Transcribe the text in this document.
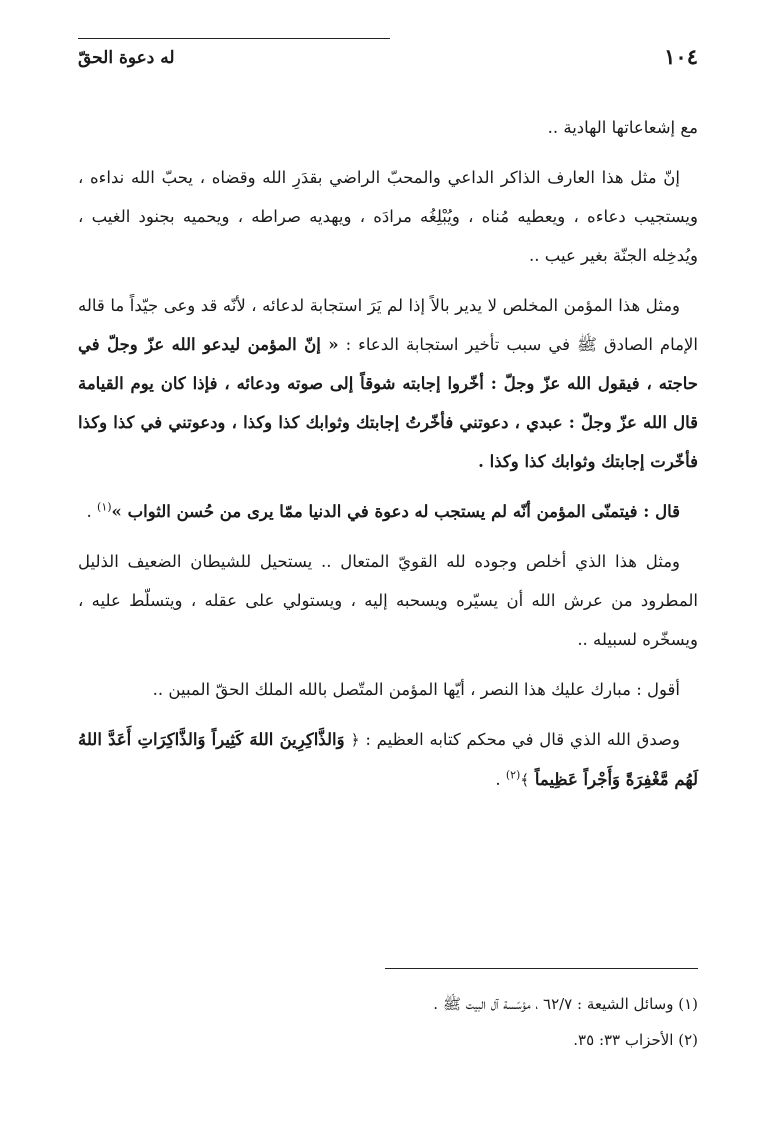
١٠٤
له دعوة الحقّ

مع إشعاعاتها الهادية ..

إنّ مثل هذا العارف الذاكر الداعي والمحبّ الراضي بقدَرِ الله وقضاه ، يحبّ الله نداءه ، ويستجيب دعاءه ، ويعطيه مُناه ، ويُبْلِغُه مرادَه ، ويهديه صراطه ، ويحميه بجنود الغيب ، ويُدخِله الجنّة بغير عيب ..

ومثل هذا المؤمن المخلص لا يدير بالاً إذا لم يَرَ استجابة لدعائه ، لأنّه قد وعى جيّداً ما قاله الإمام الصادق ﷺ في سبب تأخير استجابة الدعاء : « إنّ المؤمن ليدعو الله عزّ وجلّ في حاجته ، فيقول الله عزّ وجلّ : أخّروا إجابته شوقاً إلى صوته ودعائه ، فإذا كان يوم القيامة قال الله عزّ وجلّ : عبدي ، دعوتني فأخّرتُ إجابتك وثوابك كذا وكذا ، ودعوتني في كذا وكذا فأخّرت إجابتك وثوابك كذا وكذا .

قال : فيتمنّى المؤمن أنّه لم يستجب له دعوة في الدنيا ممّا يرى من حُسن الثواب »$^{(١)}$ .

ومثل هذا الذي أخلص وجوده لله القويّ المتعال .. يستحيل للشيطان الضعيف الذليل المطرود من عرش الله أن يسيّره ويسحبه إليه ، ويستولي على عقله ، ويتسلّط عليه ، ويسخّره لسبيله ..

أقول : مبارك عليك هذا النصر ، أيّها المؤمن المتّصل بالله الملك الحقّ المبين ..

وصدق الله الذي قال في محكم كتابه العظيم : ﴿ وَالذَّاكِرِينَ اللهَ كَثِيراً وَالذَّاكِرَاتِ أَعَدَّ اللهُ لَهُم مَّغْفِرَةً وَأَجْراً عَظِيماً ﴾$^{(٢)}$ .

(١) وسائل الشيعة : ٦٢/٧ ، مؤسّسة آل البيت ﷺ .

(٢) الأحزاب ٣٣: ٣٥.
